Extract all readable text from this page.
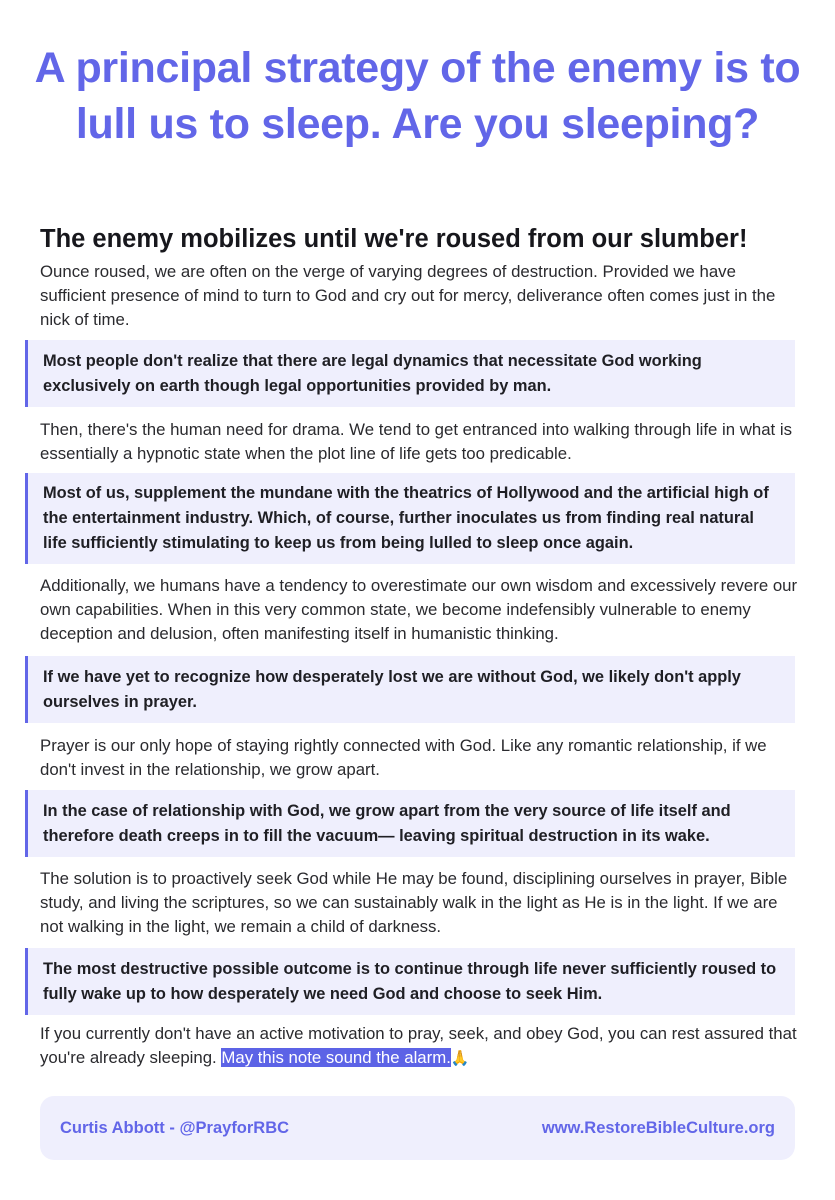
A principal strategy of the enemy is to lull us to sleep. Are you sleeping?
The enemy mobilizes until we're roused from our slumber!

Ounce roused, we are often on the verge of varying degrees of destruction. Provided we have sufficient presence of mind to turn to God and cry out for mercy, deliverance often comes just in the nick of time.

Most people don't realize that there are legal dynamics that necessitate God working exclusively on earth though legal opportunities provided by man.

Then, there's the human need for drama. We tend to get entranced into walking through life in what is essentially a hypnotic state when the plot line of life gets too predicable.

Most of us, supplement the mundane with the theatrics of Hollywood and the artificial high of the entertainment industry. Which, of course, further inoculates us from finding real natural life sufficiently stimulating to keep us from being lulled to sleep once again.

Additionally, we humans have a tendency to overestimate our own wisdom and excessively revere our own capabilities. When in this very common state, we become indefensibly vulnerable to enemy deception and delusion, often manifesting itself in humanistic thinking.

If we have yet to recognize how desperately lost we are without God, we likely don't apply ourselves in prayer.

Prayer is our only hope of staying rightly connected with God. Like any romantic relationship, if we don't invest in the relationship, we grow apart.

In the case of relationship with God, we grow apart from the very source of life itself and therefore death creeps in to fill the vacuum— leaving spiritual destruction in its wake.

The solution is to proactively seek God while He may be found, disciplining ourselves in prayer, Bible study, and living the scriptures, so we can sustainably walk in the light as He is in the light. If we are not walking in the light, we remain a child of darkness.

The most destructive possible outcome is to continue through life never sufficiently roused to fully wake up to how desperately we need God and choose to seek Him.

If you currently don't have an active motivation to pray, seek, and obey God, you can rest assured that you're already sleeping. May this note sound the alarm.🙏

Curtis Abbott - @PrayforRBC	www.RestoreBibleCulture.org
